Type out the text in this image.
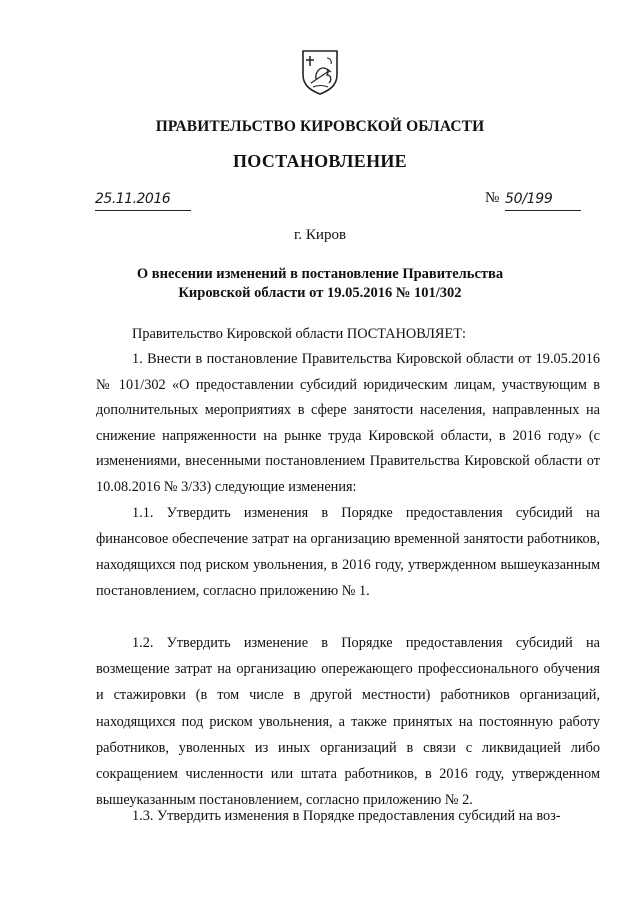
ПРАВИТЕЛЬСТВО КИРОВСКОЙ ОБЛАСТИ
ПОСТАНОВЛЕНИЕ
25.11.2016	№ 50/199
г. Киров
О внесении изменений в постановление Правительства
Кировской области от 19.05.2016 № 101/302
Правительство Кировской области ПОСТАНОВЛЯЕТ:
1. Внести в постановление Правительства Кировской области от 19.05.2016 № 101/302 «О предоставлении субсидий юридическим лицам, участвующим в дополнительных мероприятиях в сфере занятости населения, направленных на снижение напряженности на рынке труда Кировской области, в 2016 году» (с изменениями, внесенными постановлением Правительства Кировской области от 10.08.2016 № 3/33) следующие изменения:
1.1. Утвердить изменения в Порядке предоставления субсидий на финансовое обеспечение затрат на организацию временной занятости работников, находящихся под риском увольнения, в 2016 году, утвержденном вышеуказанным постановлением, согласно приложению № 1.
1.2. Утвердить изменение в Порядке предоставления субсидий на возмещение затрат на организацию опережающего профессионального обучения и стажировки (в том числе в другой местности) работников организаций, находящихся под риском увольнения, а также принятых на постоянную работу работников, уволенных из иных организаций в связи с ликвидацией либо сокращением численности или штата работников, в 2016 году, утвержденном вышеуказанным постановлением, согласно приложению № 2.
1.3. Утвердить изменения в Порядке предоставления субсидий на воз-
